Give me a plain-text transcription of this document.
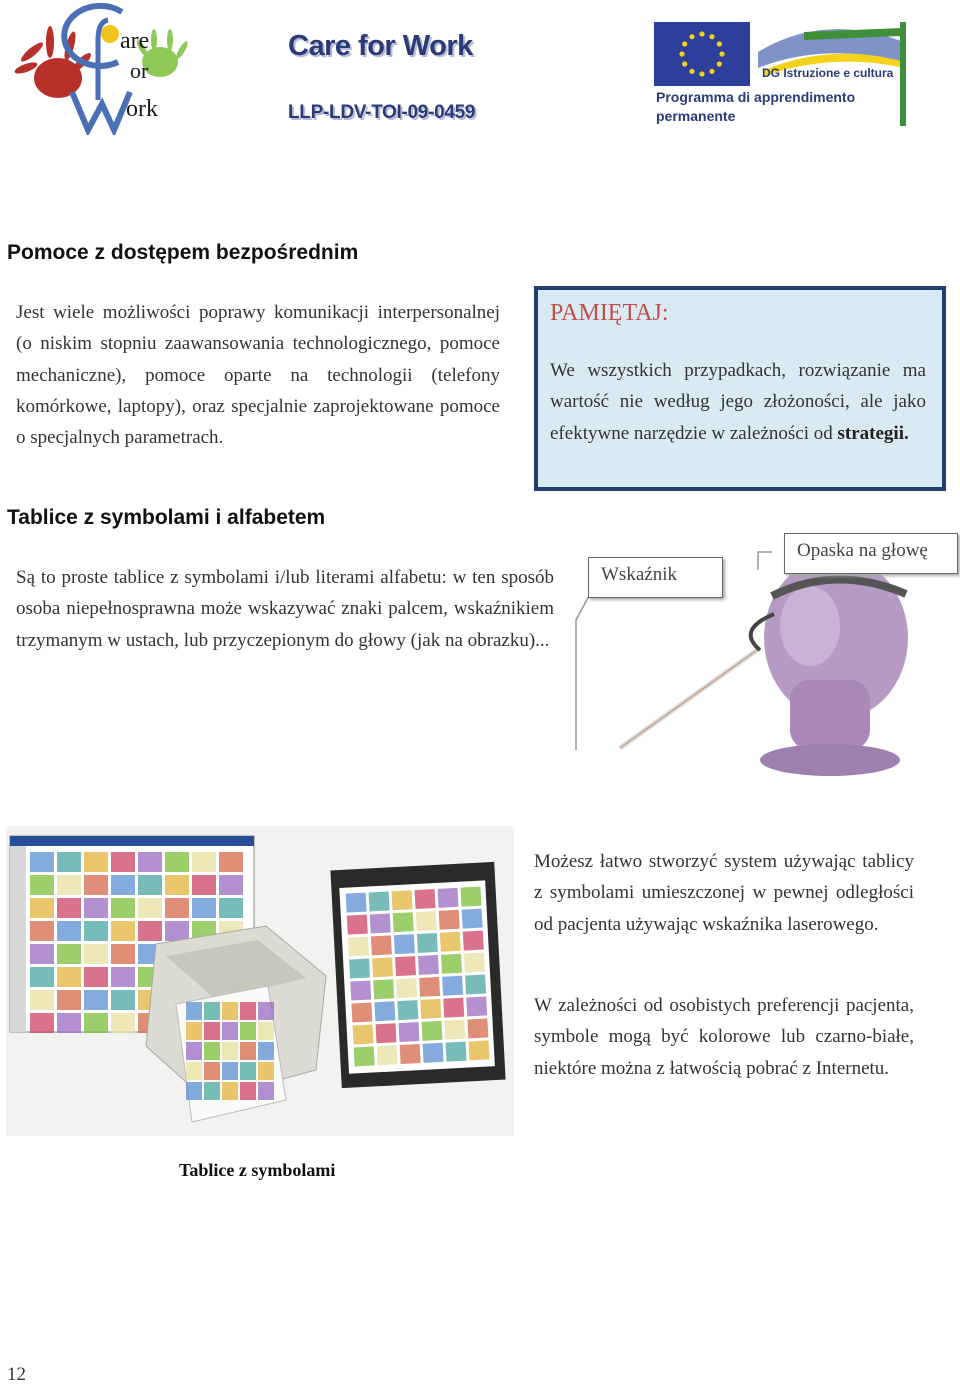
are
or
ork
Care for Work
LLP-LDV-TOI-09-0459
DG Istruzione e cultura
Programma di apprendimento
permanente
Pomoce z dostępem bezpośrednim
Jest wiele możliwości poprawy komunikacji interpersonalnej (o niskim stopniu zaawansowania technologicznego, pomoce mechaniczne), pomoce oparte na technologii (telefony komórkowe, laptopy), oraz specjalnie zaprojektowane pomoce o specjalnych parametrach.
PAMIĘTAJ:
We wszystkich przypadkach, rozwiązanie ma wartość nie według jego złożoności, ale jako efektywne narzędzie w zależności od strategii.
Tablice z symbolami i alfabetem
Są to proste tablice z symbolami i/lub literami alfabetu: w ten sposób osoba niepełnosprawna może wskazywać znaki palcem, wskaźnikiem trzymanym w ustach, lub przyczepionym do głowy (jak na obrazku)...
Wskaźnik
Opaska na głowę
Tablice z symbolami
Możesz łatwo stworzyć system używając tablicy z symbolami umieszczonej w pewnej odległości od pacjenta używając wskaźnika laserowego.
W zależności od osobistych preferencji pacjenta, symbole mogą być kolorowe lub czarno-białe, niektóre można z łatwością pobrać z Internetu.
12
